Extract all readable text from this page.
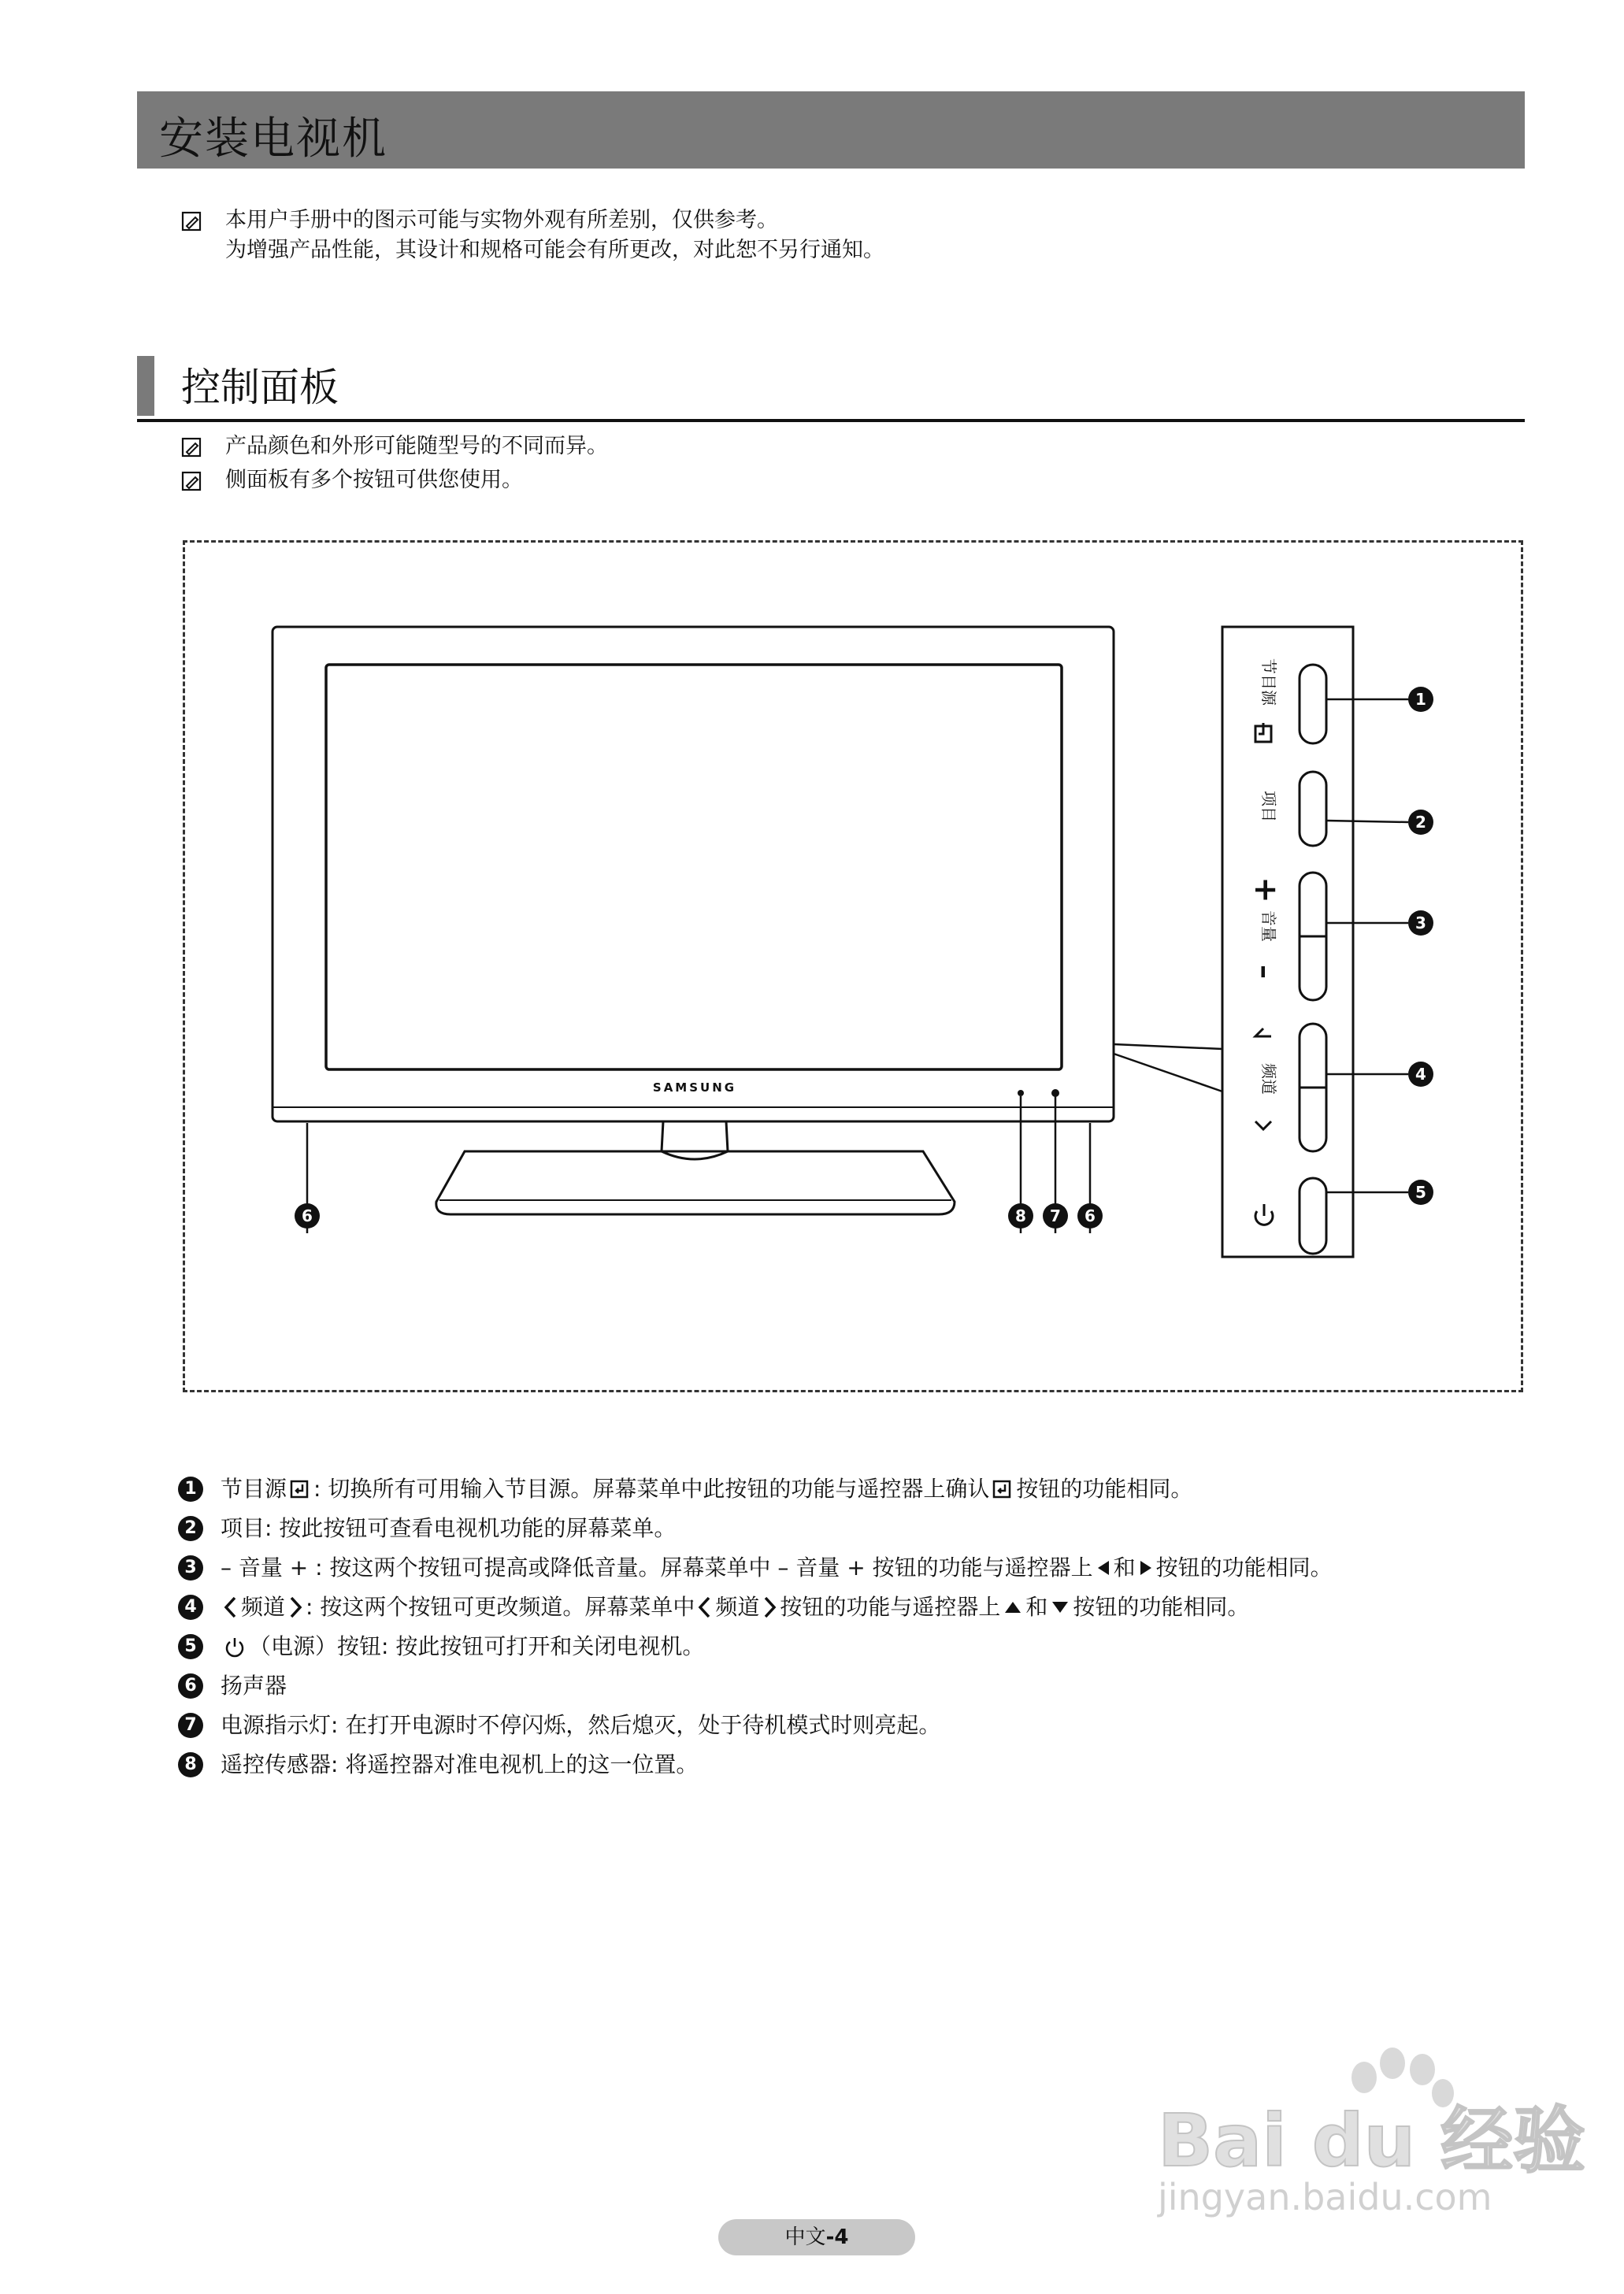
安装电视机
本用户手册中的图示可能与实物外观有所差别，仅供参考。
为增强产品性能，其设计和规格可能会有所更改，对此恕不另行通知。
控制面板
产品颜色和外形可能随型号的不同而异。
侧面板有多个按钮可供您使用。
SAMSUNG
节目源
项目
+
音量
–
频道
1
2
3
4
5
6	8 7 6
1 节目源 : 切换所有可用输入节目源。屏幕菜单中此按钮的功能与遥控器上确认 按钮的功能相同。
2 项目: 按此按钮可查看电视机功能的屏幕菜单。
3 – 音量 + : 按这两个按钮可提高或降低音量。屏幕菜单中 – 音量 + 按钮的功能与遥控器上 和 按钮的功能相同。
4 频道 : 按这两个按钮可更改频道。屏幕菜单中 频道 按钮的功能与遥控器上 和 按钮的功能相同。
5 （电源）按钮: 按此按钮可打开和关闭电视机。
6 扬声器
7 电源指示灯: 在打开电源时不停闪烁，然后熄灭，处于待机模式时则亮起。
8 遥控传感器: 将遥控器对准电视机上的这一位置。
Bai du 经验
jingyan.baidu.com
中文-4
